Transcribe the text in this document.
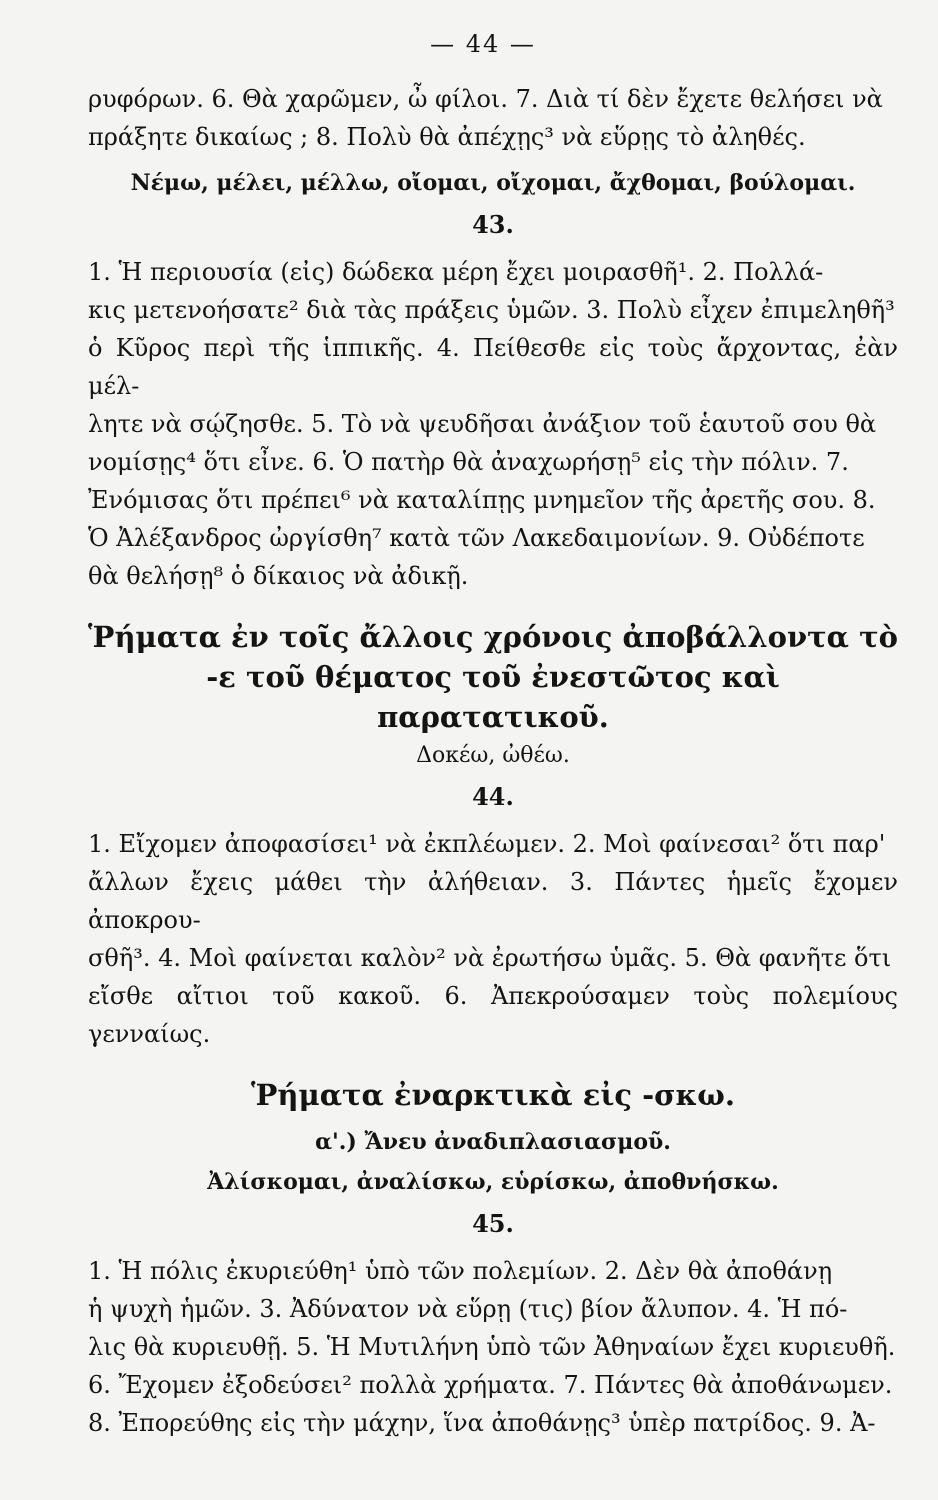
— 44 —

ρυφόρων. 6. Θὰ χαρῶμεν, ὦ φίλοι. 7. Διὰ τί δὲν ἔχετε θελήσει νὰ

πράξητε δικαίως ; 8. Πολὺ θὰ ἀπέχῃς³ νὰ εὕρῃς τὸ ἀληθές.

Νέμω, μέλει, μέλλω, οἴομαι, οἴχομαι, ἄχθομαι, βούλομαι.
43.

1. Ἡ περιουσία (εἰς) δώδεκα μέρη ἔχει μοιρασθῆ¹. 2. Πολλά-

κις μετενοήσατε² διὰ τὰς πράξεις ὑμῶν. 3. Πολὺ εἶχεν ἐπιμεληθῆ³

ὁ Κῦρος περὶ τῆς ἱππικῆς. 4. Πείθεσθε εἰς τοὺς ἄρχοντας, ἐὰν μέλ-

λητε νὰ σῴζησθε. 5. Τὸ νὰ ψευδῆσαι ἀνάξιον τοῦ ἑαυτοῦ σου θὰ

νομίσῃς⁴ ὅτι εἶνε. 6. Ὁ πατὴρ θὰ ἀναχωρήσῃ⁵ εἰς τὴν πόλιν. 7.

Ἐνόμισας ὅτι πρέπει⁶ νὰ καταλίπῃς μνημεῖον τῆς ἀρετῆς σου. 8.

Ὁ Ἀλέξανδρος ὠργίσθη⁷ κατὰ τῶν Λακεδαιμονίων. 9. Οὐδέποτε

θὰ θελήσῃ⁸ ὁ δίκαιος νὰ ἀδικῇ.

Ῥήματα ἐν τοῖς ἄλλοις χρόνοις ἀποβάλλοντα τὸ
-ε τοῦ θέματος τοῦ ἐνεστῶτος καὶ παρατατικοῦ.
Δοκέω, ὠθέω.
44.

1. Εἴχομεν ἀποφασίσει¹ νὰ ἐκπλέωμεν. 2. Μοὶ φαίνεσαι² ὅτι παρ'

ἄλλων ἔχεις μάθει τὴν ἀλήθειαν. 3. Πάντες ἡμεῖς ἔχομεν ἀποκρου-

σθῆ³. 4. Μοὶ φαίνεται καλὸν² νὰ ἐρωτήσω ὑμᾶς. 5. Θὰ φανῆτε ὅτι

εἴσθε αἴτιοι τοῦ κακοῦ. 6. Ἀπεκρούσαμεν τοὺς πολεμίους γενναίως.

Ῥήματα ἐναρκτικὰ εἰς -σκω.
α'.) Ἄνευ ἀναδιπλασιασμοῦ.
Ἀλίσκομαι, ἀναλίσκω, εὑρίσκω, ἀποθνήσκω.
45.

1. Ἡ πόλις ἐκυριεύθη¹ ὑπὸ τῶν πολεμίων. 2. Δὲν θὰ ἀποθάνῃ

ἡ ψυχὴ ἡμῶν. 3. Ἀδύνατον νὰ εὕρῃ (τις) βίον ἄλυπον. 4. Ἡ πό-

λις θὰ κυριευθῇ. 5. Ἡ Μυτιλήνη ὑπὸ τῶν Ἀθηναίων ἔχει κυριευθῆ.

6. Ἔχομεν ἐξοδεύσει² πολλὰ χρήματα. 7. Πάντες θὰ ἀποθάνωμεν.

8. Ἐπορεύθης εἰς τὴν μάχην, ἵνα ἀποθάνῃς³ ὑπὲρ πατρίδος. 9. Ἀ-
